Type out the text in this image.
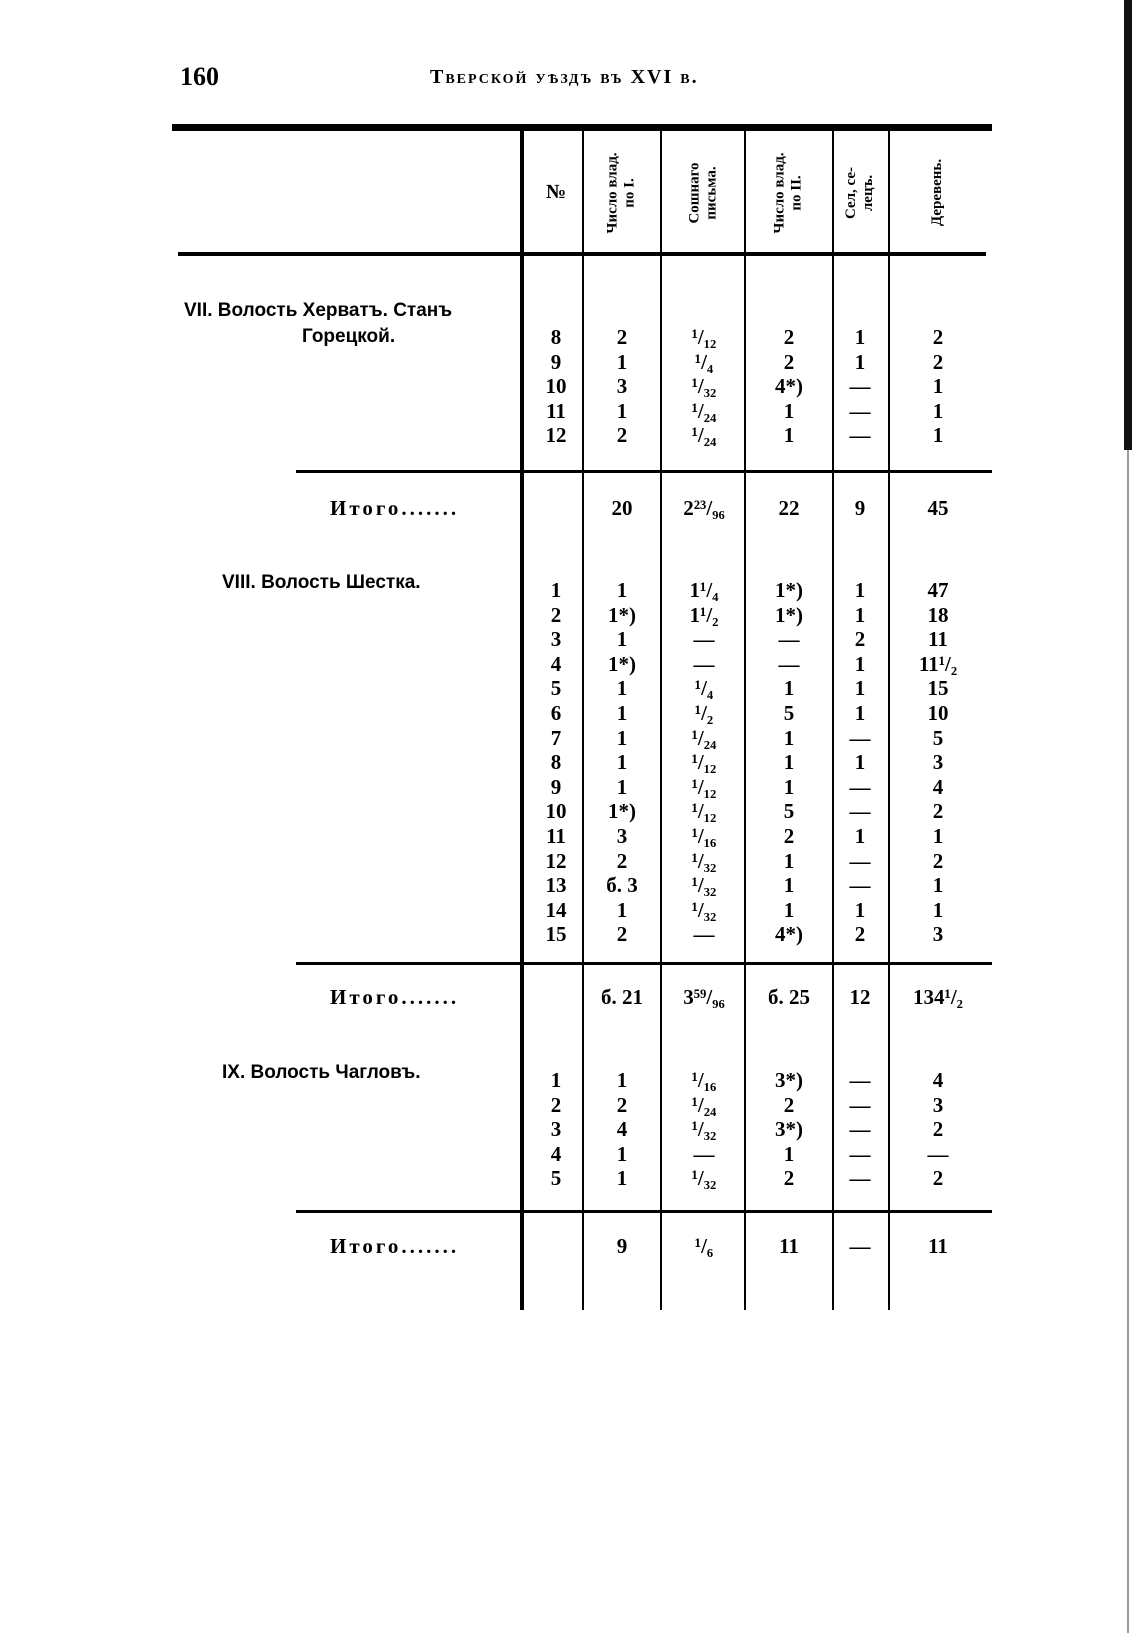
160	Тверской уѣздъ въ XVI в.
№	Число влад. по I.	Сошнаго письма.	Число влад. по II.	Сел, се- лецъ.	Деревень.
VII. Волость Херватъ. Станъ
Горецкой.	8	2	¹/₁₂	2	1	2
9	1	¹/₄	2	1	2
10	3	¹/₃₂	4*)	—	1
11	1	¹/₂₄	1	—	1
12	2	¹/₂₄	1	—	1
Итого.......	20	2²³/₉₆	22	9	45
VIII. Волость Шестка.	1	1	1¹/₄	1*)	1	47
2	1*)	1¹/₂	1*)	1	18
3	1	—	—	2	11
4	1*)	—	—	1	11¹/₂
5	1	¹/₄	1	1	15
6	1	¹/₂	5	1	10
7	1	¹/₂₄	1	—	5
8	1	¹/₁₂	1	1	3
9	1	¹/₁₂	1	—	4
10	1*)	¹/₁₂	5	—	2
11	3	¹/₁₆	2	1	1
12	2	¹/₃₂	1	—	2
13	б. 3	¹/₃₂	1	—	1
14	1	¹/₃₂	1	1	1
15	2	—	4*)	2	3
Итого.......	б. 21	3⁵⁹/₉₆	б. 25	12	134¹/₂
IX. Волость Чагловъ.	1	1	¹/₁₆	3*)	—	4
2	2	¹/₂₄	2	—	3
3	4	¹/₃₂	3*)	—	2
4	1	—	1	—	—
5	1	¹/₃₂	2	—	2
Итого.......	9	¹/₆	11	—	11
